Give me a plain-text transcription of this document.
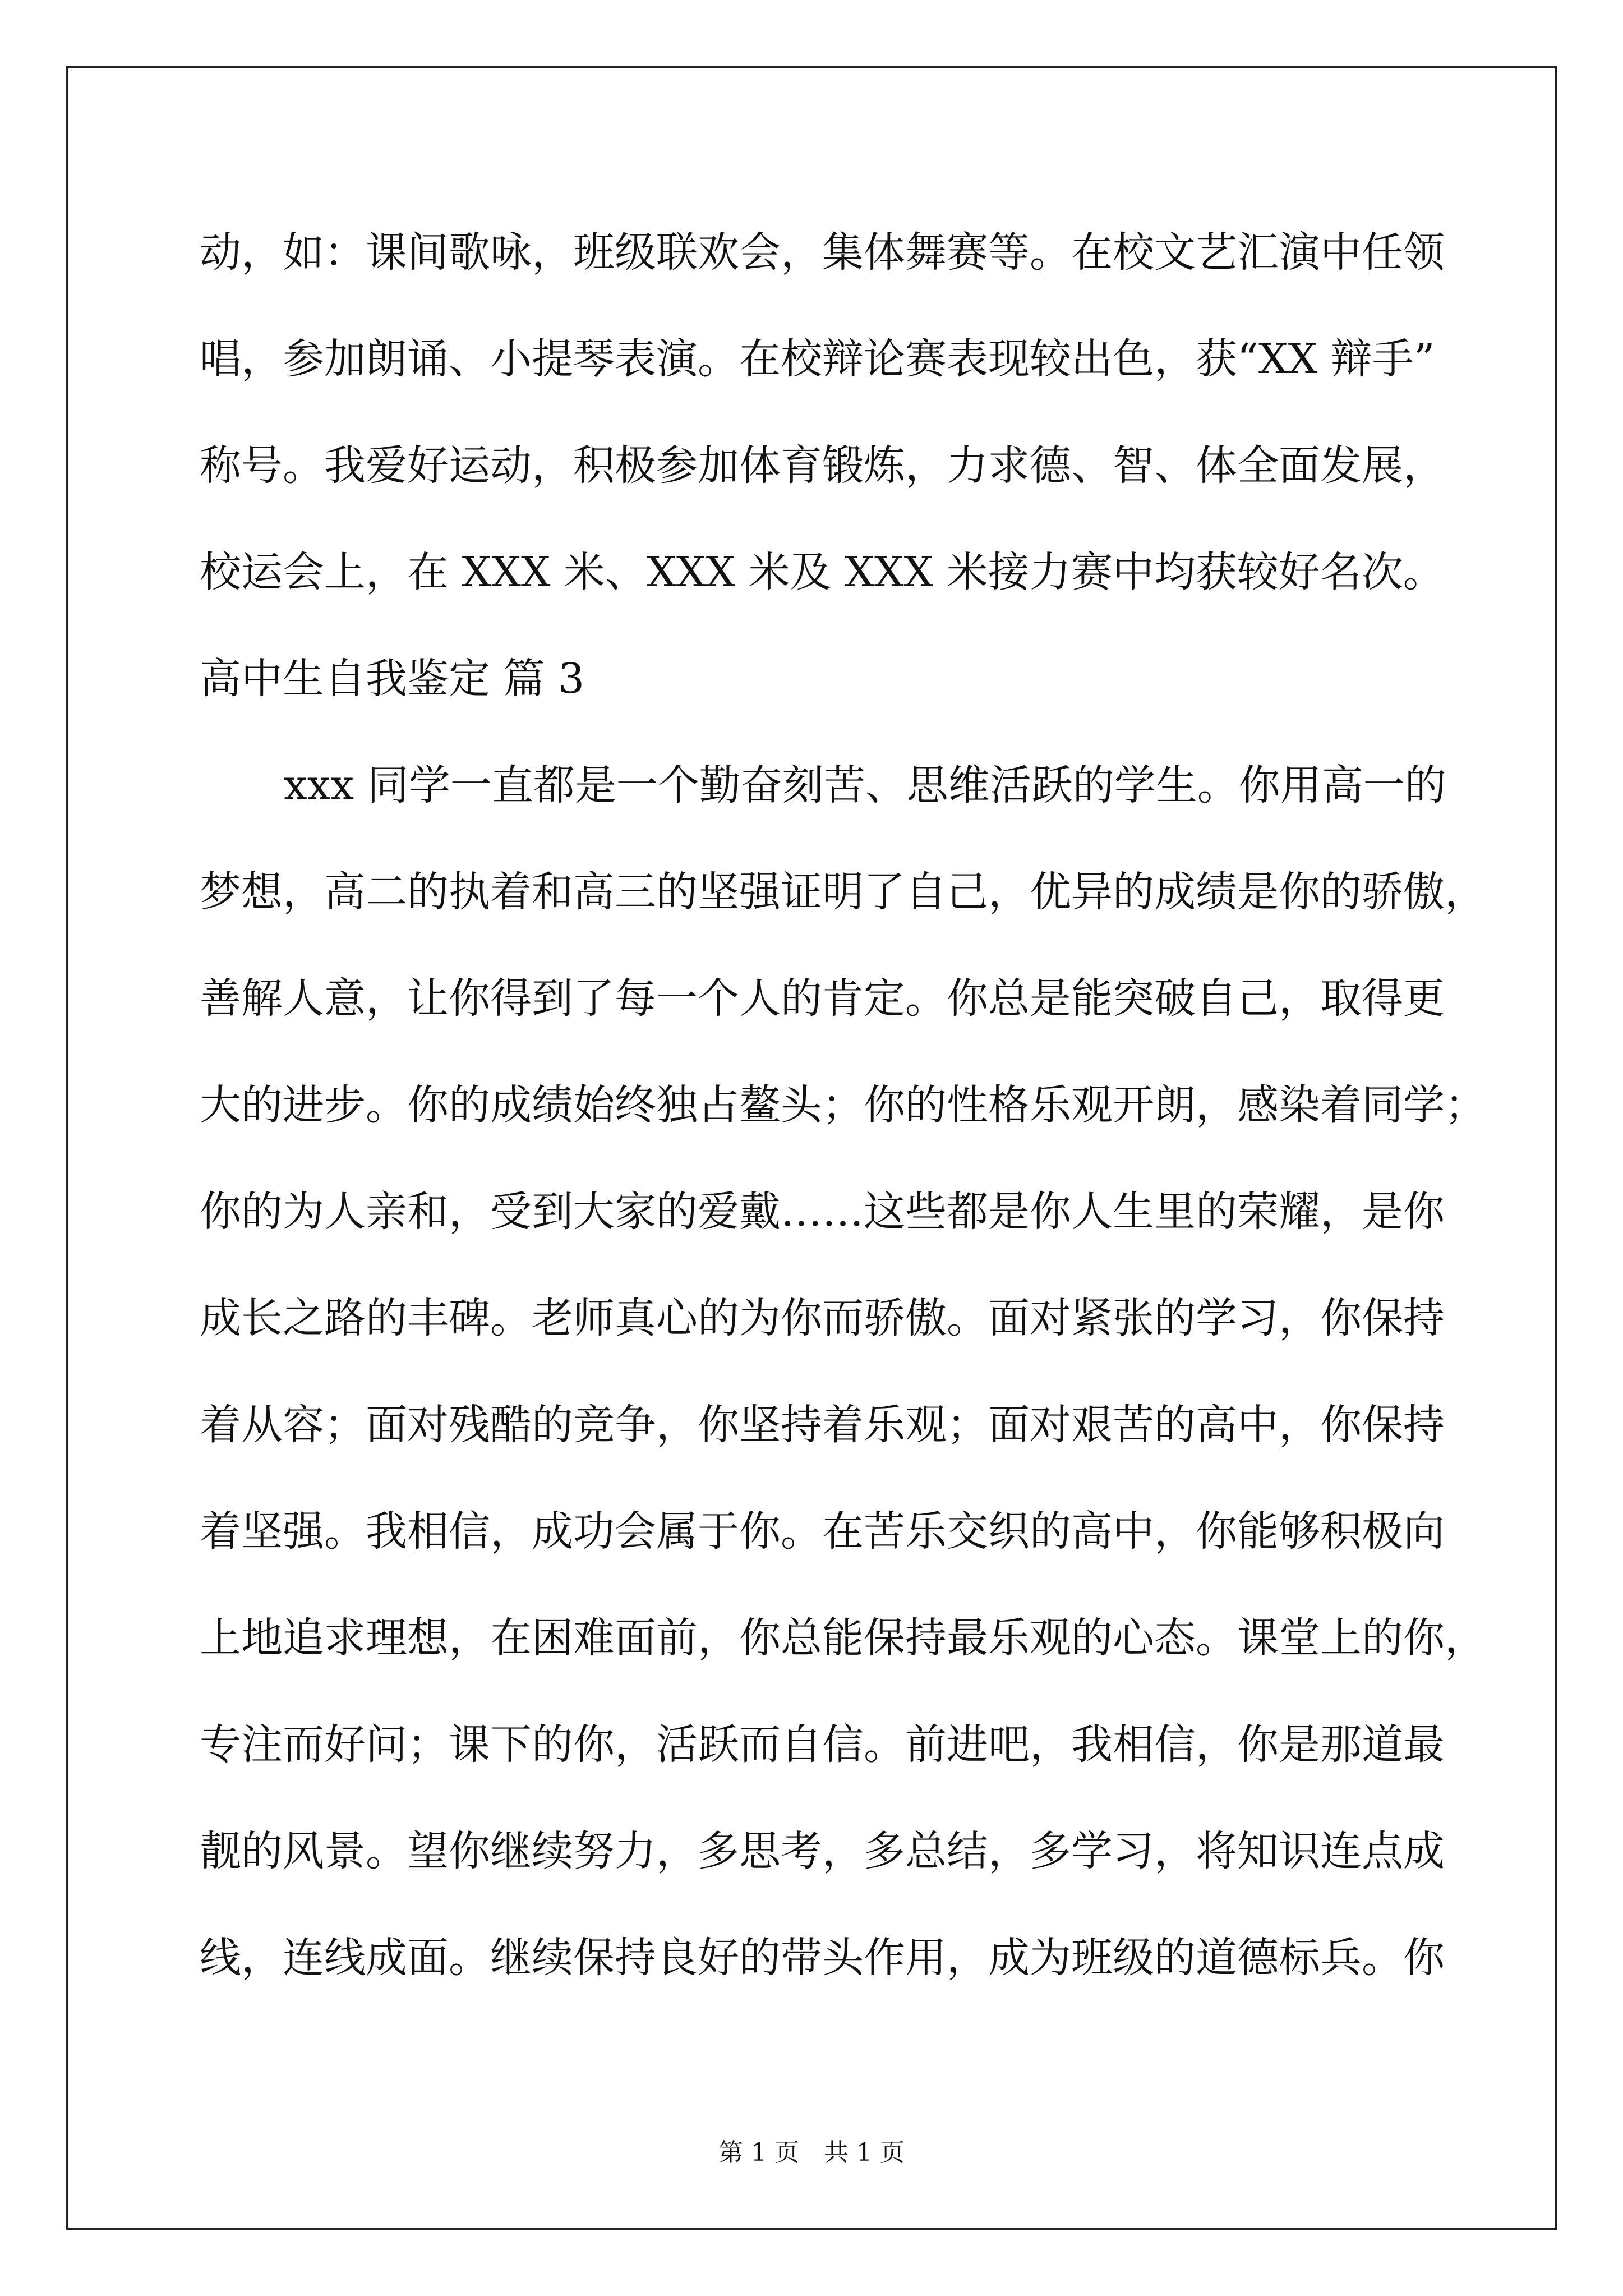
动，如：课间歌咏，班级联欢会，集体舞赛等。在校文艺汇演中任领
唱，参加朗诵、小提琴表演。在校辩论赛表现较出色，获“XX 辩手”
称号。我爱好运动，积极参加体育锻炼，力求德、智、体全面发展，
校运会上，在 XXX 米、XXX 米及 XXX 米接力赛中均获较好名次。
高中生自我鉴定 篇 3
xxx 同学一直都是一个勤奋刻苦、思维活跃的学生。你用高一的
梦想，高二的执着和高三的坚强证明了自己，优异的成绩是你的骄傲，
善解人意，让你得到了每一个人的肯定。你总是能突破自己，取得更
大的进步。你的成绩始终独占鳌头；你的性格乐观开朗，感染着同学；
你的为人亲和，受到大家的爱戴……这些都是你人生里的荣耀，是你
成长之路的丰碑。老师真心的为你而骄傲。面对紧张的学习，你保持
着从容；面对残酷的竞争，你坚持着乐观；面对艰苦的高中，你保持
着坚强。我相信，成功会属于你。在苦乐交织的高中，你能够积极向
上地追求理想，在困难面前，你总能保持最乐观的心态。课堂上的你，
专注而好问；课下的你，活跃而自信。前进吧，我相信，你是那道最
靓的风景。望你继续努力，多思考，多总结，多学习，将知识连点成
线，连线成面。继续保持良好的带头作用，成为班级的道德标兵。你
第 1 页 共 1 页
